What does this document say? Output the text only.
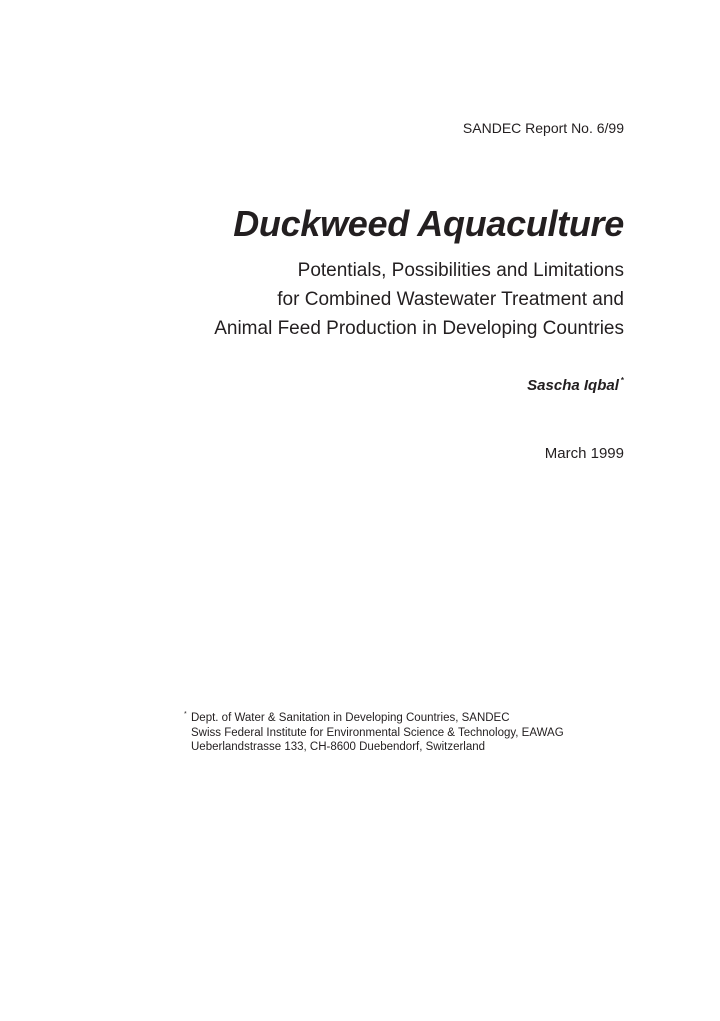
SANDEC Report No. 6/99
Duckweed Aquaculture
Potentials, Possibilities and Limitations
for Combined Wastewater Treatment and
Animal Feed Production in Developing Countries
Sascha Iqbal *
March 1999
* Dept. of Water & Sanitation in Developing Countries, SANDEC
Swiss Federal Institute for Environmental Science & Technology, EAWAG
Ueberlandstrasse 133, CH-8600 Duebendorf, Switzerland
